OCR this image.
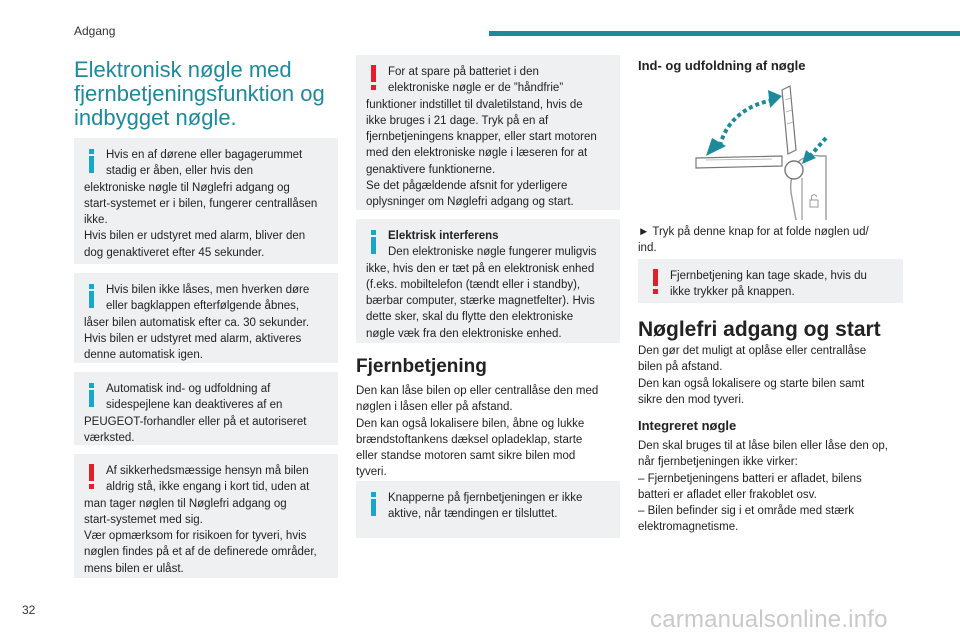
Adgang
Elektronisk nøgle med
fjernbetjeningsfunktion og
indbygget nøgle.

Hvis en af dørene eller bagagerummet
stadig er åben, eller hvis den
elektroniske nøgle til Nøglefri adgang og
start-systemet er i bilen, fungerer centrallåsen
ikke.
Hvis bilen er udstyret med alarm, bliver den
dog genaktiveret efter 45 sekunder.

Hvis bilen ikke låses, men hverken døre
eller bagklappen efterfølgende åbnes,
låser bilen automatisk efter ca. 30 sekunder.
Hvis bilen er udstyret med alarm, aktiveres
denne automatisk igen.

Automatisk ind- og udfoldning af
sidespejlene kan deaktiveres af en
PEUGEOT-forhandler eller på et autoriseret
værksted.

Af sikkerhedsmæssige hensyn må bilen
aldrig stå, ikke engang i kort tid, uden at
man tager nøglen til Nøglefri adgang og
start-systemet med sig.
Vær opmærksom for risikoen for tyveri, hvis
nøglen findes på et af de definerede områder,
mens bilen er ulåst.

For at spare på batteriet i den
elektroniske nøgle er de ”håndfrie”
funktioner indstillet til dvaletilstand, hvis de
ikke bruges i 21 dage. Tryk på en af
fjernbetjeningens knapper, eller start motoren
med den elektroniske nøgle i læseren for at
genaktivere funktionerne.
Se det pågældende afsnit for yderligere
oplysninger om Nøglefri adgang og start.

Elektrisk interferens
Den elektroniske nøgle fungerer muligvis
ikke, hvis den er tæt på en elektronisk enhed
(f.eks. mobiltelefon (tændt eller i standby),
bærbar computer, stærke magnetfelter). Hvis
dette sker, skal du flytte den elektroniske
nøgle væk fra den elektroniske enhed.

Fjernbetjening

Den kan låse bilen op eller centrallåse den med
nøglen i låsen eller på afstand.
Den kan også lokalisere bilen, åbne og lukke
brændstoftankens dæksel opladeklap, starte
eller standse motoren samt sikre bilen mod
tyveri.

Knapperne på fjernbetjeningen er ikke
aktive, når tændingen er tilsluttet.

Ind- og udfoldning af nøgle

► Tryk på denne knap for at folde nøglen ud/
ind.

Fjernbetjening kan tage skade, hvis du
ikke trykker på knappen.

Nøglefri adgang og start

Den gør det muligt at oplåse eller centrallåse
bilen på afstand.
Den kan også lokalisere og starte bilen samt
sikre den mod tyveri.

Integreret nøgle

Den skal bruges til at låse bilen eller låse den op,
når fjernbetjeningen ikke virker:
– Fjernbetjeningens batteri er afladet, bilens
batteri er afladet eller frakoblet osv.
– Bilen befinder sig i et område med stærk
elektromagnetisme.

32	carmanualsonline.info
